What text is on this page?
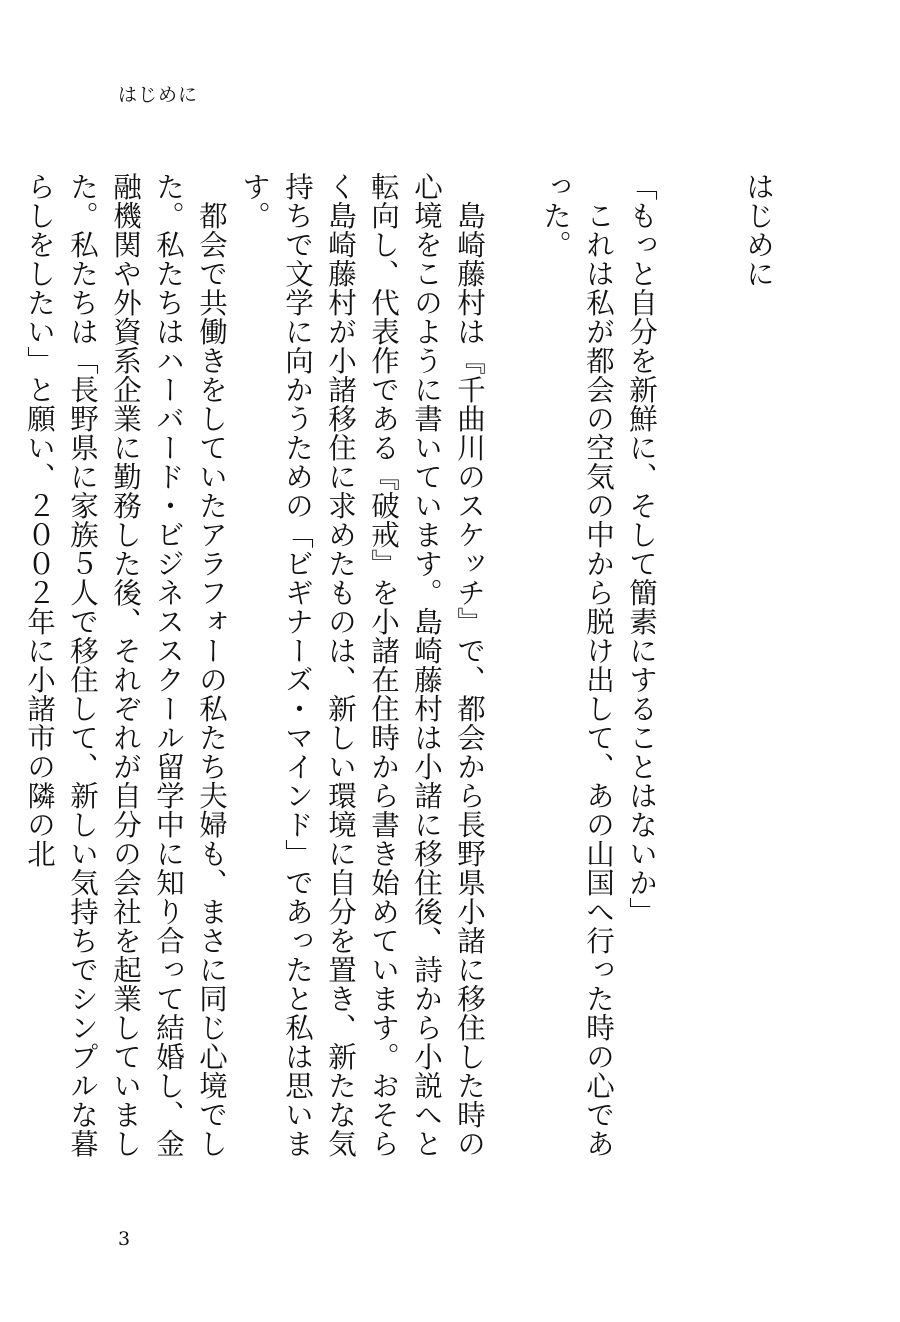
はじめに
はじめに

「もっと自分を新鮮に、そして簡素にすることはないか」

これは私が都会の空気の中から脱け出して、あの山国へ行った時の心であった。

島崎藤村は『千曲川のスケッチ』で、都会から長野県小諸に移住した時の心境をこのように書いています。島崎藤村は小諸に移住後、詩から小説へと転向し、代表作である『破戒』を小諸在住時から書き始めています。おそらく島崎藤村が小諸移住に求めたものは、新しい環境に自分を置き、新たな気持ちで文学に向かうための「ビギナーズ・マインド」であったと私は思います。

都会で共働きをしていたアラフォーの私たち夫婦も、まさに同じ心境でした。私たちはハーバード・ビジネススクール留学中に知り合って結婚し、金融機関や外資系企業に勤務した後、それぞれが自分の会社を起業していました。私たちは「長野県に家族５人で移住して、新しい気持ちでシンプルな暮らしをしたい」と願い、２００２年に小諸市の隣の北

3
